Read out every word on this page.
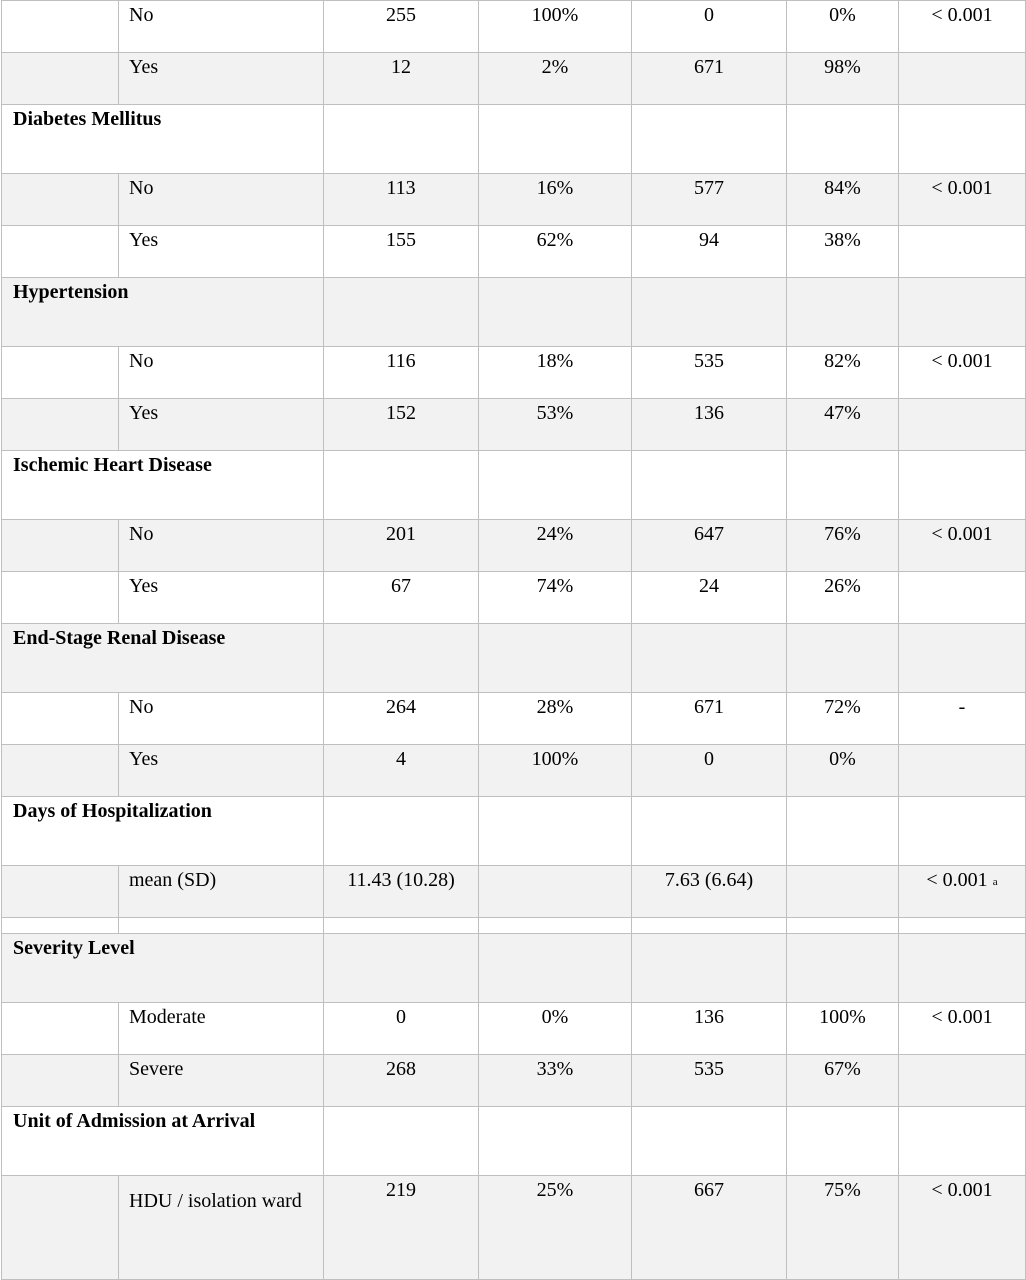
	No	255	100%	0	0%	< 0.001
	Yes	12	2%	671	98%	
Diabetes Mellitus						
	No	113	16%	577	84%	< 0.001
	Yes	155	62%	94	38%	
Hypertension						
	No	116	18%	535	82%	< 0.001
	Yes	152	53%	136	47%	
Ischemic Heart Disease						
	No	201	24%	647	76%	< 0.001
	Yes	67	74%	24	26%	
End-Stage Renal Disease						
	No	264	28%	671	72%	-
	Yes	4	100%	0	0%	
Days of Hospitalization						
	mean (SD)	11.43 (10.28)		7.63 (6.64)		< 0.001 $^a$

Severity Level						
	Moderate	0	0%	136	100%	< 0.001
	Severe	268	33%	535	67%	
Unit of Admission at Arrival						
	HDU / isolation ward	219	25%	667	75%	< 0.001
